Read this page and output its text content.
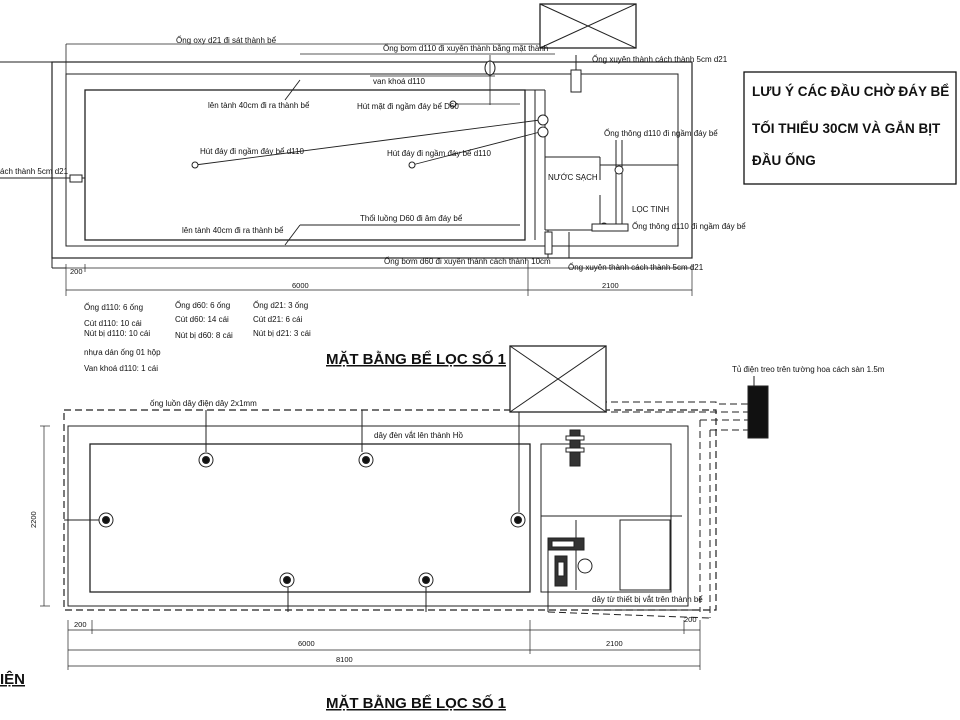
Ống oxy d21 đi sát thành bể
Ống bơm d110 đi xuyên thành bằng mặt thành
Ống xuyên thành cách thành 5cm d21
van khoá d110
lên tành 40cm đi ra thành bể	Hút mặt đi ngầm đáy bể D60
Ống thông d110 đi ngầm đáy bể
Hút đáy đi ngầm đáy bể d110	Hút đáy đi ngầm đáy bể d110
NƯỚC SẠCH
LỌC TINH
ách thành 5cm d21
Thổi luồng D60 đi âm đáy bể
Ống thông d110 đi ngầm đáy bể
lên tành 40cm đi ra thành bể
Ống bơm d60 đi xuyên thành cách thành 10cm
Ống xuyên thành cách thành 5cm d21
200
6000	2100
Ống d110: 6 ống
Cút d110: 10 cái
Nút bị d110: 10 cái
nhựa dán ống 01 hộp
Van khoá d110: 1 cái
Ống d60: 6 ống
Cút d60: 14 cái
Nút bị d60: 8 cái
Ống d21: 3 ống
Cút d21: 6 cái
Nút bị d21: 3 cái
MẶT BẰNG BỂ LỌC SỐ 1
LƯU Ý CÁC ĐẦU CHỜ ĐÁY BỂ
TỐI THIỂU 30CM VÀ GẮN BỊT
ĐẦU ỐNG
Tủ điện treo trên tường hoa cách sàn 1.5m
ống luồn dây điện dây 2x1mm
dây đèn vắt lên thành Hồ
dây từ thiết bị vắt trên thành bể
2200
200
200
6000	2100
8100
IỆN
MẶT BẰNG BỂ LỌC SỐ 1
